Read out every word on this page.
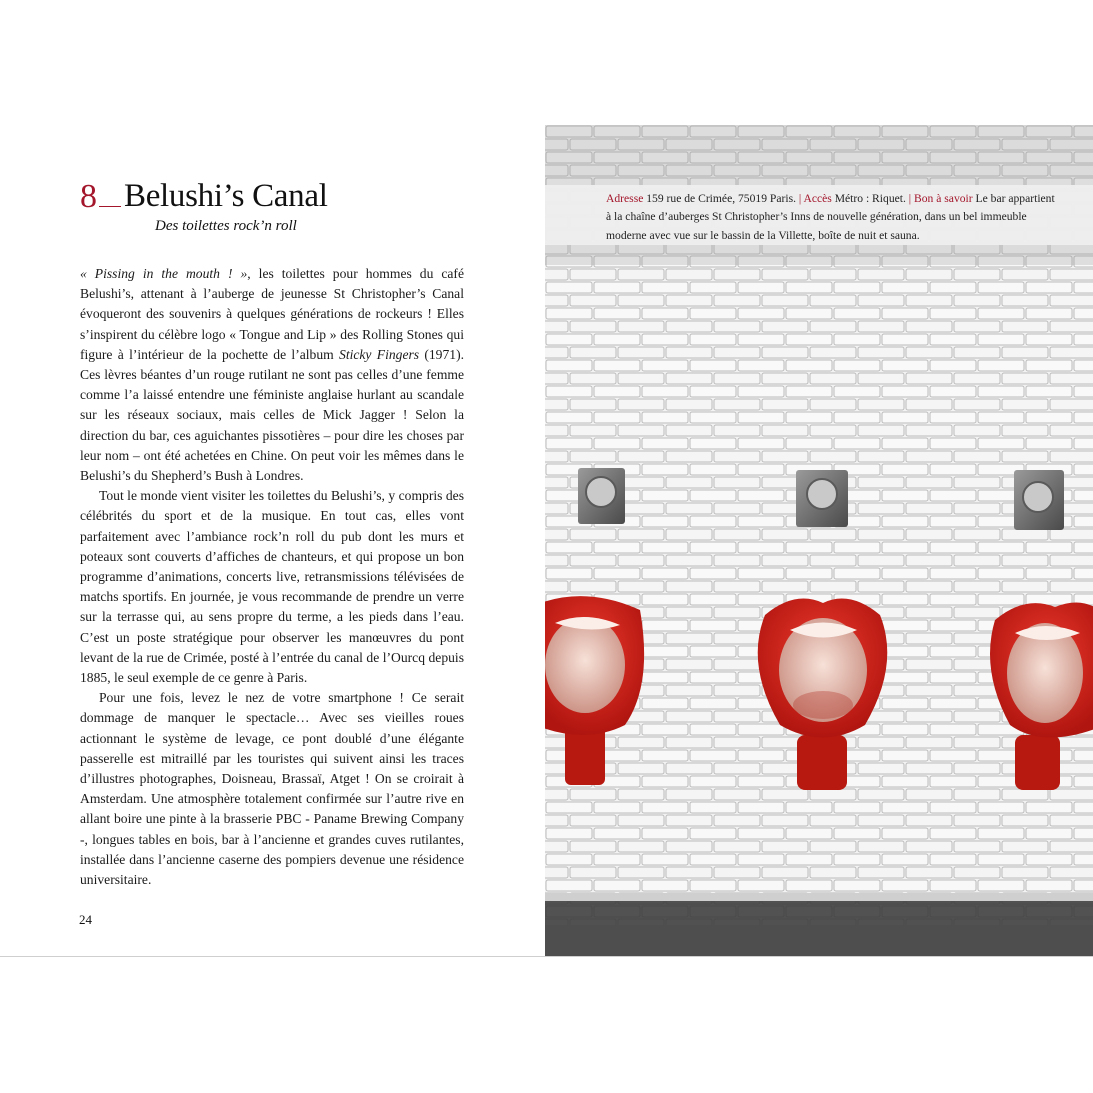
8 Belushi’s Canal
Des toilettes rock’n roll

« Pissing in the mouth ! », les toilettes pour hommes du café Belushi’s, attenant à l’auberge de jeunesse St Christopher’s Canal évoqueront des souvenirs à quelques générations de rockeurs ! Elles s’inspirent du célèbre logo « Tongue and Lip » des Rolling Stones qui figure à l’intérieur de la pochette de l’album Sticky Fingers (1971). Ces lèvres béantes d’un rouge rutilant ne sont pas celles d’une femme comme l’a laissé entendre une féministe anglaise hurlant au scandale sur les réseaux sociaux, mais celles de Mick Jagger ! Selon la direction du bar, ces aguichantes pissotières – pour dire les choses par leur nom – ont été achetées en Chine. On peut voir les mêmes dans le Belushi’s du Shepherd’s Bush à Londres.

Tout le monde vient visiter les toilettes du Belushi’s, y compris des célébrités du sport et de la musique. En tout cas, elles vont parfaitement avec l’ambiance rock’n roll du pub dont les murs et poteaux sont couverts d’affiches de chanteurs, et qui propose un bon programme d’animations, concerts live, retransmissions télévisées de matchs sportifs. En journée, je vous recommande de prendre un verre sur la terrasse qui, au sens propre du terme, a les pieds dans l’eau. C’est un poste stratégique pour observer les manœuvres du pont levant de la rue de Crimée, posté à l’entrée du canal de l’Ourcq depuis 1885, le seul exemple de ce genre à Paris.

Pour une fois, levez le nez de votre smartphone ! Ce serait dommage de manquer le spectacle… Avec ses vieilles roues actionnant le système de levage, ce pont doublé d’une élégante passerelle est mitraillé par les touristes qui suivent ainsi les traces d’illustres photographes, Doisneau, Brassaï, Atget ! On se croirait à Amsterdam. Une atmosphère totalement confirmée sur l’autre rive en allant boire une pinte à la brasserie PBC - Paname Brewing Company -, longues tables en bois, bar à l’ancienne et grandes cuves rutilantes, installée dans l’ancienne caserne des pompiers devenue une résidence universitaire.

24
Adresse 159 rue de Crimée, 75019 Paris. | Accès Métro : Riquet. | Bon à savoir Le bar appartient à la chaîne d’auberges St Christopher’s Inns de nouvelle génération, dans un bel immeuble moderne avec vue sur le bassin de la Villette, boîte de nuit et sauna.
